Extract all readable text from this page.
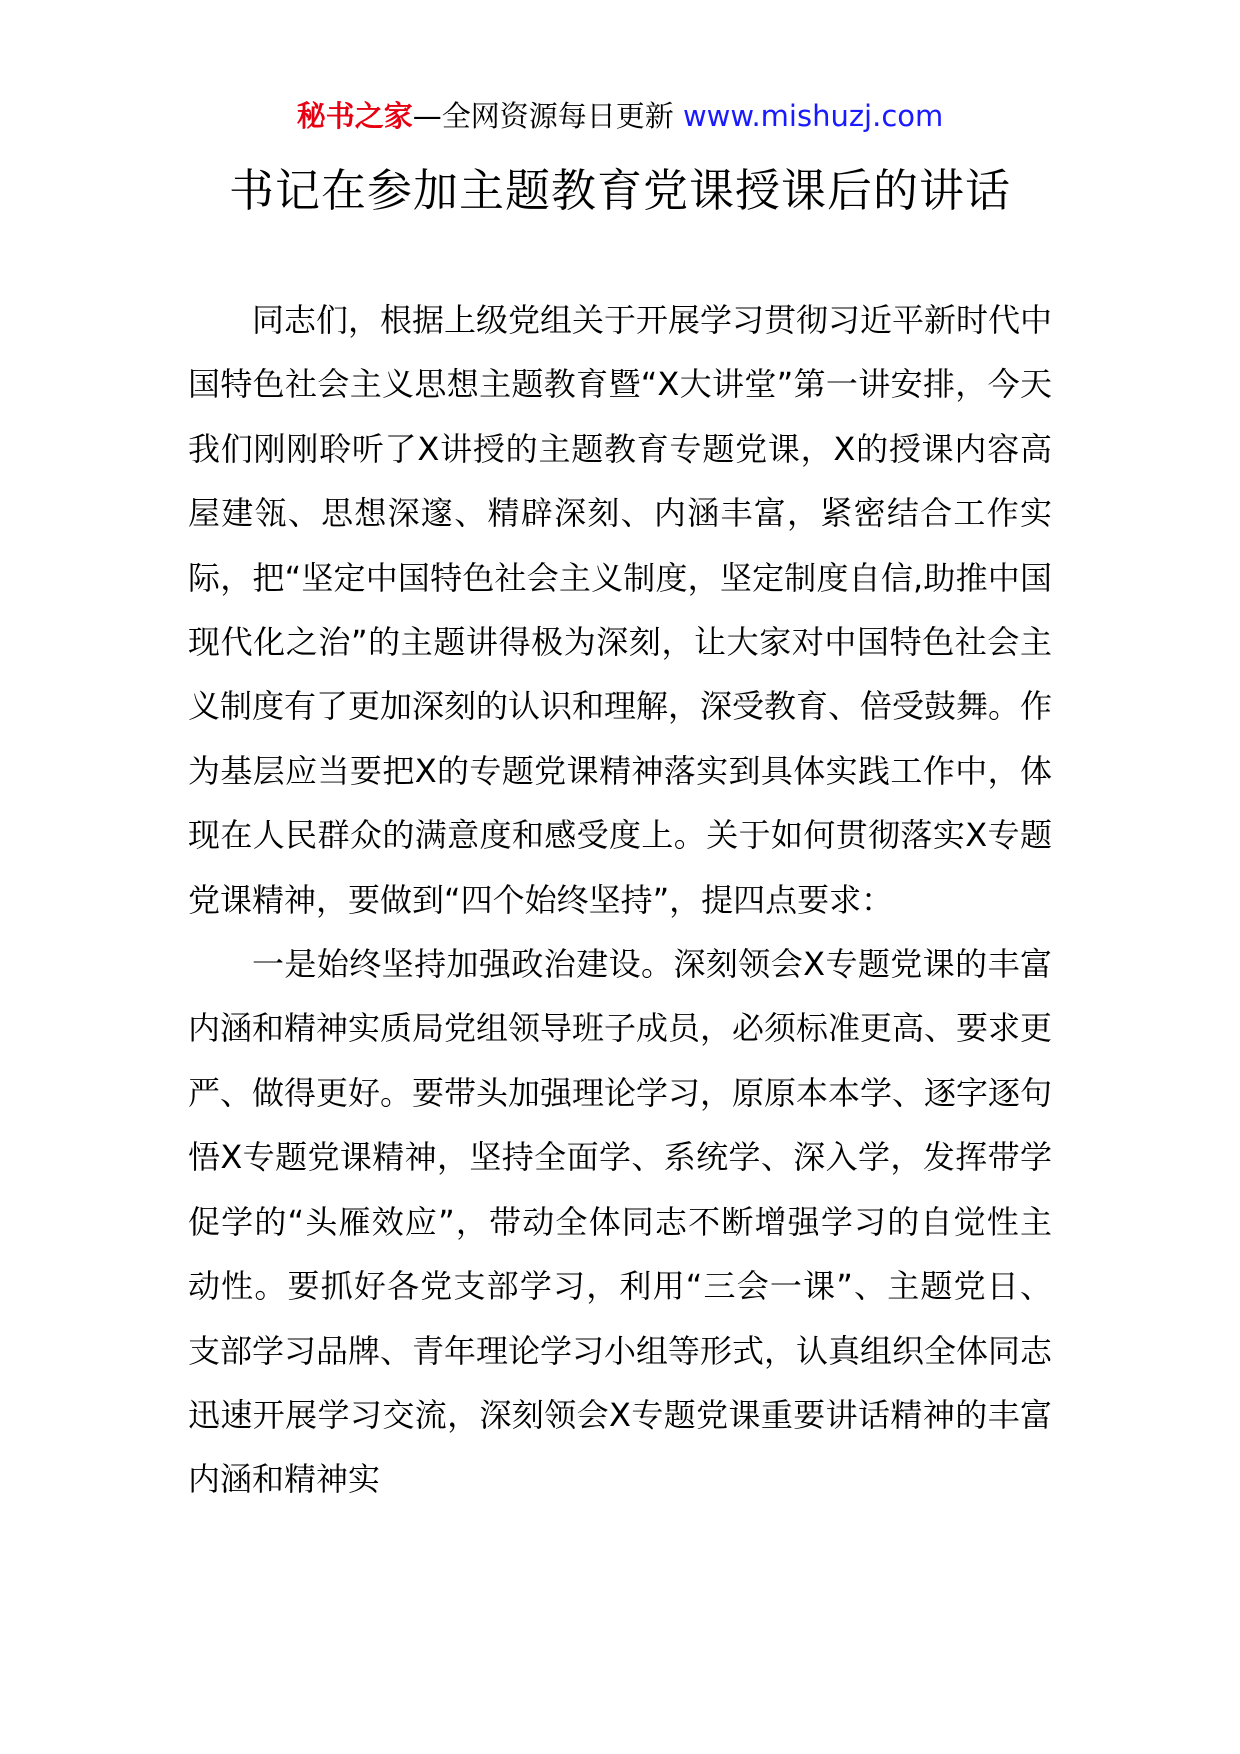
秘书之家—全网资源每日更新 www.mishuzj.com
书记在参加主题教育党课授课后的讲话

同志们，根据上级党组关于开展学习贯彻习近平新时代中国特色社会主义思想主题教育暨“X大讲堂”第一讲安排，今天我们刚刚聆听了X讲授的主题教育专题党课，X的授课内容高屋建瓴、思想深邃、精辟深刻、内涵丰富，紧密结合工作实际，把“坚定中国特色社会主义制度，坚定制度自信,助推中国现代化之治”的主题讲得极为深刻，让大家对中国特色社会主义制度有了更加深刻的认识和理解，深受教育、倍受鼓舞。作为基层应当要把X的专题党课精神落实到具体实践工作中，体现在人民群众的满意度和感受度上。关于如何贯彻落实X专题党课精神，要做到“四个始终坚持”，提四点要求：

一是始终坚持加强政治建设。深刻领会X专题党课的丰富内涵和精神实质局党组领导班子成员，必须标准更高、要求更严、做得更好。要带头加强理论学习，原原本本学、逐字逐句悟X专题党课精神，坚持全面学、系统学、深入学，发挥带学促学的“头雁效应”，带动全体同志不断增强学习的自觉性主动性。要抓好各党支部学习，利用“三会一课”、主题党日、支部学习品牌、青年理论学习小组等形式，认真组织全体同志迅速开展学习交流，深刻领会X专题党课重要讲话精神的丰富内涵和精神实
